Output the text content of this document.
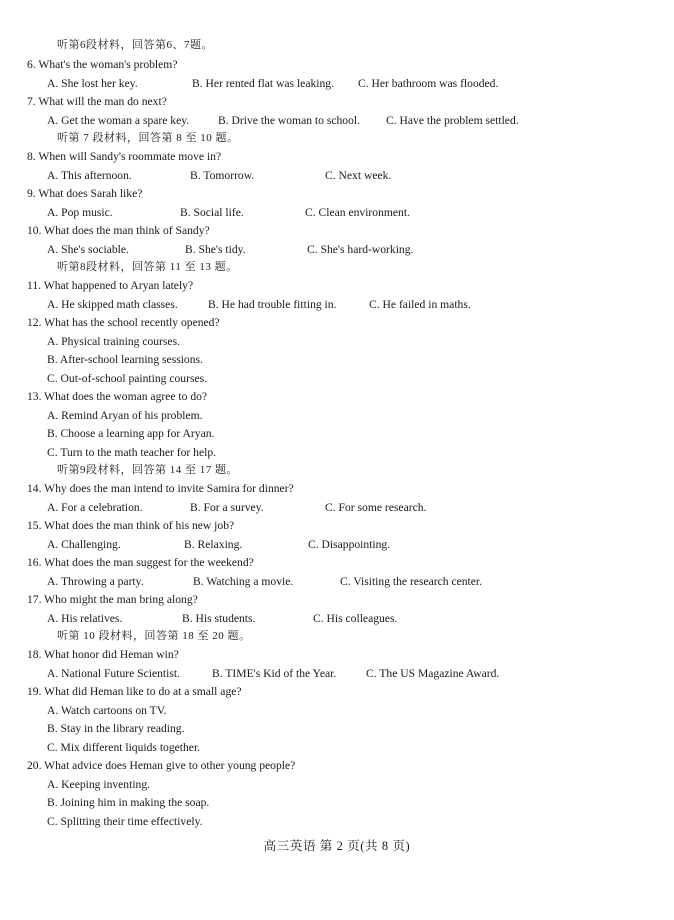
听第6段材料，回答第6、7题。
6. What's the woman's problem?
A. She lost her key.	B. Her rented flat was leaking. C. Her bathroom was flooded.
7. What will the man do next?
A. Get the woman a spare key. B. Drive the woman to school. C. Have the problem settled.
听第 7 段材料，回答第 8 至 10 题。
8. When will Sandy's roommate move in?
A. This afternoon.	B. Tomorrow.	C. Next week.
9. What does Sarah like?
A. Pop music.	B. Social life.	C. Clean environment.
10. What does the man think of Sandy?
A. She's sociable.	B. She's tidy.	C. She's hard-working.
听第8段材料，回答第 11 至 13 题。
11. What happened to Aryan lately?
A. He skipped math classes.	B. He had trouble fitting in.	C. He failed in maths.
12. What has the school recently opened?
A. Physical training courses.
B. After-school learning sessions.
C. Out-of-school painting courses.
13. What does the woman agree to do?
A. Remind Aryan of his problem.
B. Choose a learning app for Aryan.
C. Turn to the math teacher for help.
听第9段材料，回答第 14 至 17 题。
14. Why does the man intend to invite Samira for dinner?
A. For a celebration.	B. For a survey.	C. For some research.
15. What does the man think of his new job?
A. Challenging.	B. Relaxing.	C. Disappointing.
16. What does the man suggest for the weekend?
A. Throwing a party.	B. Watching a movie.	C. Visiting the research center.
17. Who might the man bring along?
A. His relatives.	B. His students.	C. His colleagues.
听第 10 段材料，回答第 18 至 20 题。
18. What honor did Heman win?
A. National Future Scientist.	B. TIME's Kid of the Year.	C. The US Magazine Award.
19. What did Heman like to do at a small age?
A. Watch cartoons on TV.
B. Stay in the library reading.
C. Mix different liquids together.
20. What advice does Heman give to other young people?
A. Keeping inventing.
B. Joining him in making the soap.
C. Splitting their time effectively.
高三英语 第 2 页(共 8 页)
